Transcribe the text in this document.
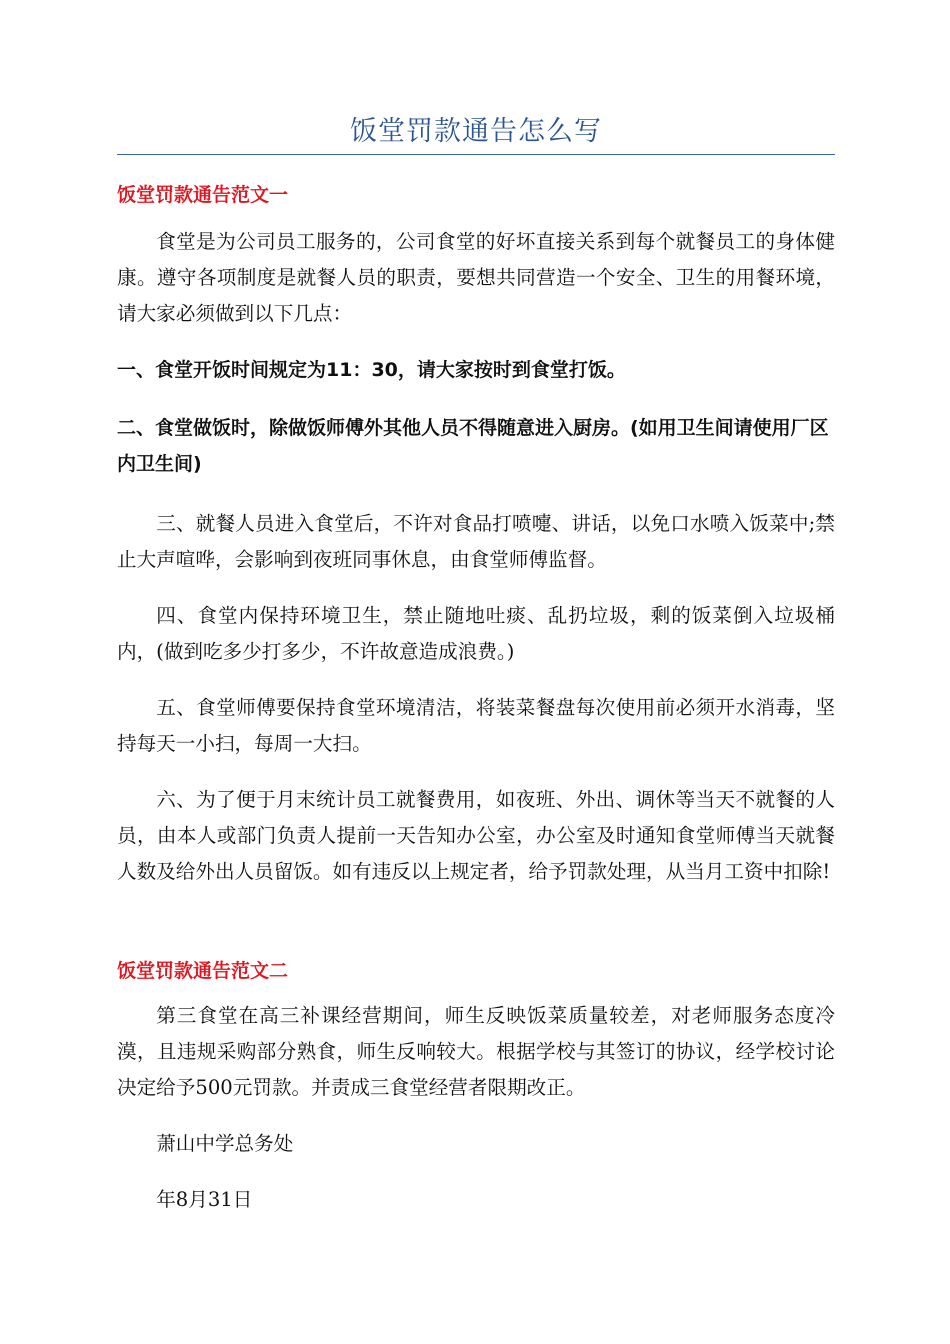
饭堂罚款通告怎么写
饭堂罚款通告范文一
食堂是为公司员工服务的，公司食堂的好坏直接关系到每个就餐员工的身体健康。遵守各项制度是就餐人员的职责，要想共同营造一个安全、卫生的用餐环境，请大家必须做到以下几点：
一、食堂开饭时间规定为11：30，请大家按时到食堂打饭。
二、食堂做饭时，除做饭师傅外其他人员不得随意进入厨房。(如用卫生间请使用厂区内卫生间)
三、就餐人员进入食堂后，不许对食品打喷嚏、讲话，以免口水喷入饭菜中;禁止大声喧哗，会影响到夜班同事休息，由食堂师傅监督。
四、食堂内保持环境卫生，禁止随地吐痰、乱扔垃圾，剩的饭菜倒入垃圾桶内，(做到吃多少打多少，不许故意造成浪费。)
五、食堂师傅要保持食堂环境清洁，将装菜餐盘每次使用前必须开水消毒，坚持每天一小扫，每周一大扫。
六、为了便于月末统计员工就餐费用，如夜班、外出、调休等当天不就餐的人员，由本人或部门负责人提前一天告知办公室，办公室及时通知食堂师傅当天就餐人数及给外出人员留饭。如有违反以上规定者，给予罚款处理，从当月工资中扣除!
饭堂罚款通告范文二
第三食堂在高三补课经营期间，师生反映饭菜质量较差，对老师服务态度冷漠，且违规采购部分熟食，师生反响较大。根据学校与其签订的协议，经学校讨论决定给予500元罚款。并责成三食堂经营者限期改正。
萧山中学总务处
年8月31日
